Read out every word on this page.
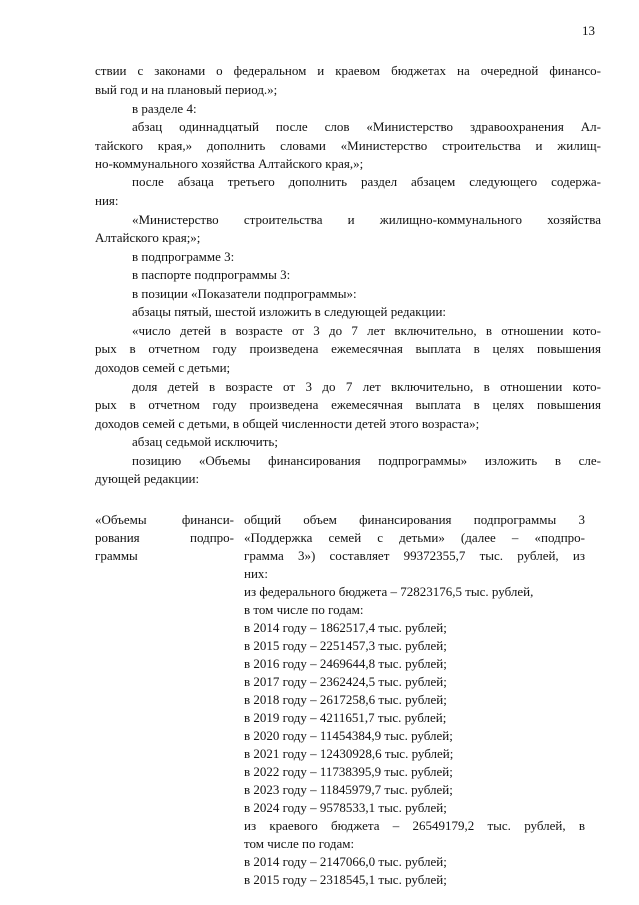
13
ствии с законами о федеральном и краевом бюджетах на очередной финансо-
вый год и на плановый период.»;
в разделе 4:
абзац одиннадцатый после слов «Министерство здравоохранения Ал-
тайского края,» дополнить словами «Министерство строительства и жилищ-
но-коммунального хозяйства Алтайского края,»;
после абзаца третьего дополнить раздел абзацем следующего содержа-
ния:
«Министерство строительства и жилищно-коммунального хозяйства
Алтайского края;»;
в подпрограмме 3:
в паспорте подпрограммы 3:
в позиции «Показатели подпрограммы»:
абзацы пятый, шестой изложить в следующей редакции:
«число детей в возрасте от 3 до 7 лет включительно, в отношении кото-
рых в отчетном году произведена ежемесячная выплата в целях повышения
доходов семей с детьми;
доля детей в возрасте от 3 до 7 лет включительно, в отношении кото-
рых в отчетном году произведена ежемесячная выплата в целях повышения
доходов семей с детьми, в общей численности детей этого возраста»;
абзац седьмой исключить;
позицию «Объемы финансирования подпрограммы» изложить в сле-
дующей редакции:
«Объемы финанси-
рования подпро-
граммы
общий объем финансирования подпрограммы 3
«Поддержка семей с детьми» (далее – «подпро-
грамма 3») составляет 99372355,7 тыс. рублей, из
них:
из федерального бюджета – 72823176,5 тыс. рублей,
в том числе по годам:
в 2014 году – 1862517,4 тыс. рублей;
в 2015 году – 2251457,3 тыс. рублей;
в 2016 году – 2469644,8 тыс. рублей;
в 2017 году – 2362424,5 тыс. рублей;
в 2018 году – 2617258,6 тыс. рублей;
в 2019 году – 4211651,7 тыс. рублей;
в 2020 году – 11454384,9 тыс. рублей;
в 2021 году – 12430928,6 тыс. рублей;
в 2022 году – 11738395,9 тыс. рублей;
в 2023 году – 11845979,7 тыс. рублей;
в 2024 году – 9578533,1 тыс. рублей;
из краевого бюджета – 26549179,2 тыс. рублей, в
том числе по годам:
в 2014 году – 2147066,0 тыс. рублей;
в 2015 году – 2318545,1 тыс. рублей;
